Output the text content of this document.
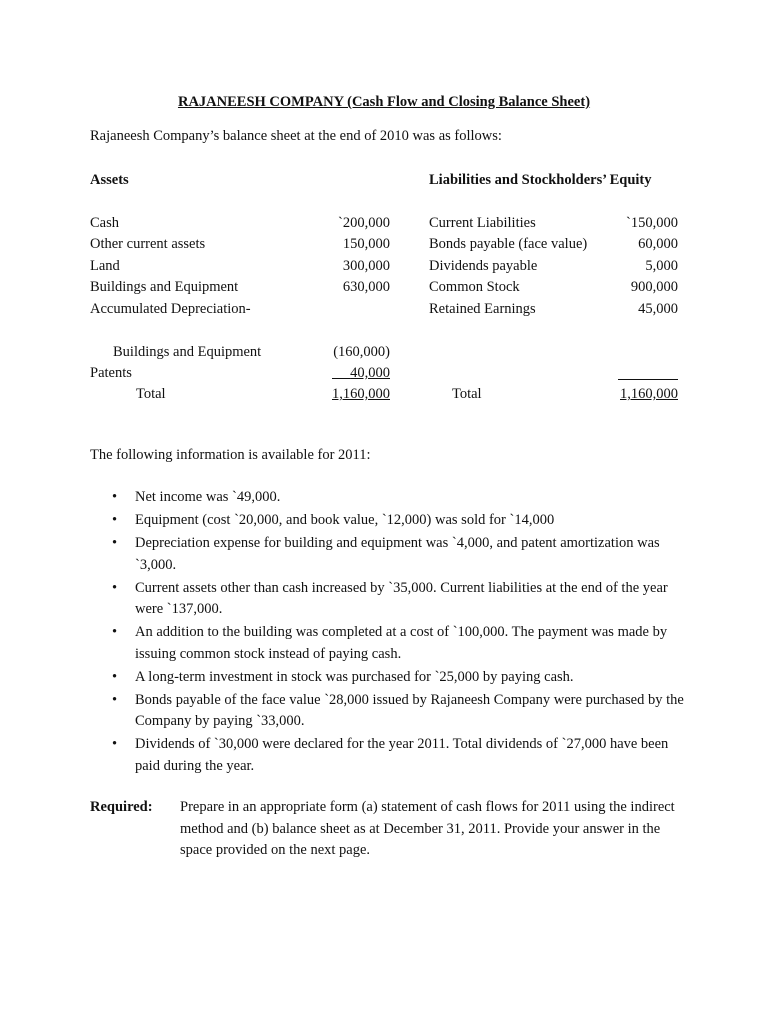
RAJANEESH COMPANY (Cash Flow and Closing Balance Sheet)
Rajaneesh Company’s balance sheet at the end of 2010 was as follows:
Assets
Cash	`200,000
Other current assets	150,000
Land	300,000
Buildings and Equipment	630,000
Accumulated Depreciation-
Buildings and Equipment	(160,000)
Patents	40,000
Total	1,160,000
Liabilities and Stockholders’ Equity
Current Liabilities	`150,000
Bonds payable (face value)	60,000
Dividends payable	5,000
Common Stock	900,000
Retained Earnings	45,000
Total	1,160,000
The following information is available for 2011:
• Net income was `49,000.
• Equipment (cost `20,000, and book value, `12,000) was sold for `14,000
• Depreciation expense for building and equipment was `4,000, and patent amortization was `3,000.
• Current assets other than cash increased by `35,000. Current liabilities at the end of the year were `137,000.
• An addition to the building was completed at a cost of `100,000. The payment was made by issuing common stock instead of paying cash.
• A long-term investment in stock was purchased for `25,000 by paying cash.
• Bonds payable of the face value `28,000 issued by Rajaneesh Company were purchased by the Company by paying `33,000.
• Dividends of `30,000 were declared for the year 2011. Total dividends of `27,000 have been paid during the year.
Required: Prepare in an appropriate form (a) statement of cash flows for 2011 using the indirect method and (b) balance sheet as at December 31, 2011. Provide your answer in the space provided on the next page.
